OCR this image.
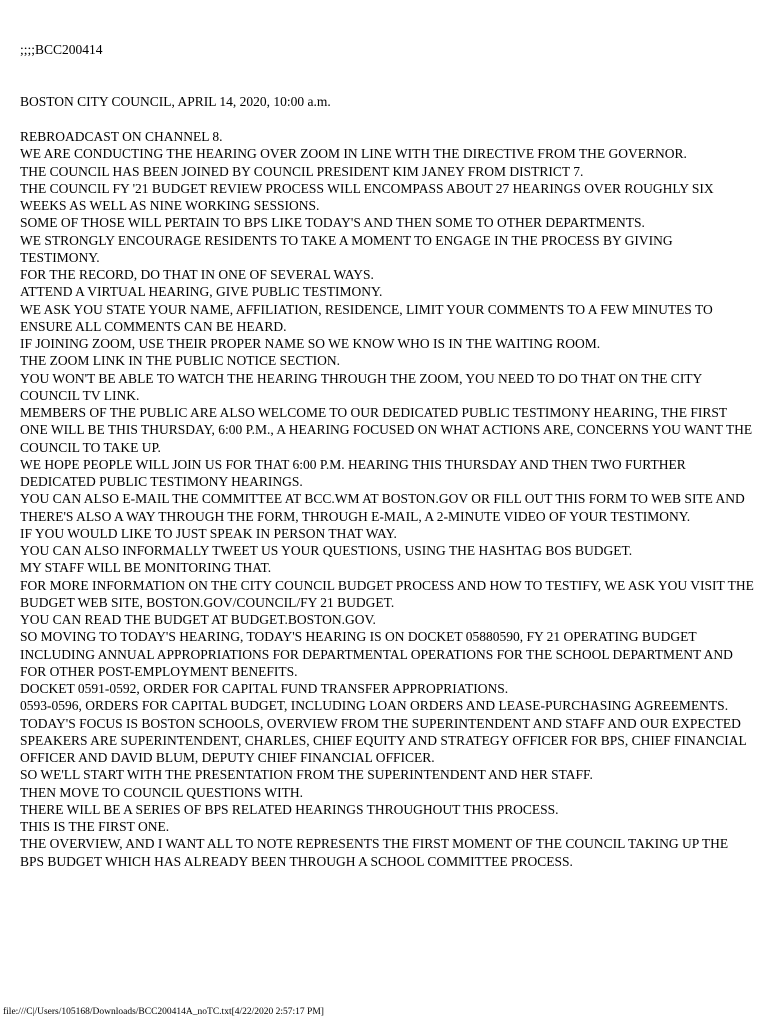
;;;;BCC200414
BOSTON CITY COUNCIL, APRIL 14, 2020, 10:00 a.m.

REBROADCAST ON CHANNEL 8.

WE ARE CONDUCTING THE HEARING OVER ZOOM IN LINE WITH THE DIRECTIVE FROM THE GOVERNOR.

THE COUNCIL HAS BEEN JOINED BY COUNCIL PRESIDENT KIM JANEY FROM DISTRICT 7.

THE COUNCIL FY '21 BUDGET REVIEW PROCESS WILL ENCOMPASS ABOUT 27 HEARINGS OVER ROUGHLY SIX WEEKS AS WELL AS NINE WORKING SESSIONS.

SOME OF THOSE WILL PERTAIN TO BPS LIKE TODAY'S AND THEN SOME TO OTHER DEPARTMENTS.

WE STRONGLY ENCOURAGE RESIDENTS TO TAKE A MOMENT TO ENGAGE IN THE PROCESS BY GIVING TESTIMONY.

FOR THE RECORD, DO THAT IN ONE OF SEVERAL WAYS.

ATTEND A VIRTUAL HEARING, GIVE PUBLIC TESTIMONY.

WE ASK YOU STATE YOUR NAME, AFFILIATION, RESIDENCE, LIMIT YOUR COMMENTS TO A FEW MINUTES TO ENSURE ALL COMMENTS CAN BE HEARD.

IF JOINING ZOOM, USE THEIR PROPER NAME SO WE KNOW WHO IS IN THE WAITING ROOM.

THE ZOOM LINK IN THE PUBLIC NOTICE SECTION.

YOU WON'T BE ABLE TO WATCH THE HEARING THROUGH THE ZOOM, YOU NEED TO DO THAT ON THE CITY COUNCIL TV LINK.

MEMBERS OF THE PUBLIC ARE ALSO WELCOME TO OUR DEDICATED PUBLIC TESTIMONY HEARING, THE FIRST ONE WILL BE THIS THURSDAY, 6:00 P.M., A HEARING FOCUSED ON WHAT ACTIONS ARE, CONCERNS YOU WANT THE COUNCIL TO TAKE UP.

WE HOPE PEOPLE WILL JOIN US FOR THAT 6:00 P.M. HEARING THIS THURSDAY AND THEN TWO FURTHER DEDICATED PUBLIC TESTIMONY HEARINGS.

YOU CAN ALSO E-MAIL THE COMMITTEE AT BCC.WM AT BOSTON.GOV OR FILL OUT THIS FORM TO WEB SITE AND THERE'S ALSO A WAY THROUGH THE FORM, THROUGH E-MAIL, A 2-MINUTE VIDEO OF YOUR TESTIMONY.

IF YOU WOULD LIKE TO JUST SPEAK IN PERSON THAT WAY.

YOU CAN ALSO INFORMALLY TWEET US YOUR QUESTIONS, USING THE HASHTAG BOS BUDGET.

MY STAFF WILL BE MONITORING THAT.

FOR MORE INFORMATION ON THE CITY COUNCIL BUDGET PROCESS AND HOW TO TESTIFY, WE ASK YOU VISIT THE BUDGET WEB SITE, BOSTON.GOV/COUNCIL/FY 21 BUDGET.

YOU CAN READ THE BUDGET AT BUDGET.BOSTON.GOV.

SO MOVING TO TODAY'S HEARING, TODAY'S HEARING IS ON DOCKET 05880590, FY 21 OPERATING BUDGET INCLUDING ANNUAL APPROPRIATIONS FOR DEPARTMENTAL OPERATIONS FOR THE SCHOOL DEPARTMENT AND FOR OTHER POST-EMPLOYMENT BENEFITS.

DOCKET 0591-0592, ORDER FOR CAPITAL FUND TRANSFER APPROPRIATIONS.

0593-0596, ORDERS FOR CAPITAL BUDGET, INCLUDING LOAN ORDERS AND LEASE-PURCHASING AGREEMENTS.

TODAY'S FOCUS IS BOSTON SCHOOLS, OVERVIEW FROM THE SUPERINTENDENT AND STAFF AND OUR EXPECTED SPEAKERS ARE SUPERINTENDENT, CHARLES, CHIEF EQUITY AND STRATEGY OFFICER FOR BPS, CHIEF FINANCIAL OFFICER AND DAVID BLUM, DEPUTY CHIEF FINANCIAL OFFICER.

SO WE'LL START WITH THE PRESENTATION FROM THE SUPERINTENDENT AND HER STAFF.

THEN MOVE TO COUNCIL QUESTIONS WITH.

THERE WILL BE A SERIES OF BPS RELATED HEARINGS THROUGHOUT THIS PROCESS.

THIS IS THE FIRST ONE.

THE OVERVIEW, AND I WANT ALL TO NOTE REPRESENTS THE FIRST MOMENT OF THE COUNCIL TAKING UP THE BPS BUDGET WHICH HAS ALREADY BEEN THROUGH A SCHOOL COMMITTEE PROCESS.

file:///C|/Users/105168/Downloads/BCC200414A_noTC.txt[4/22/2020 2:57:17 PM]
